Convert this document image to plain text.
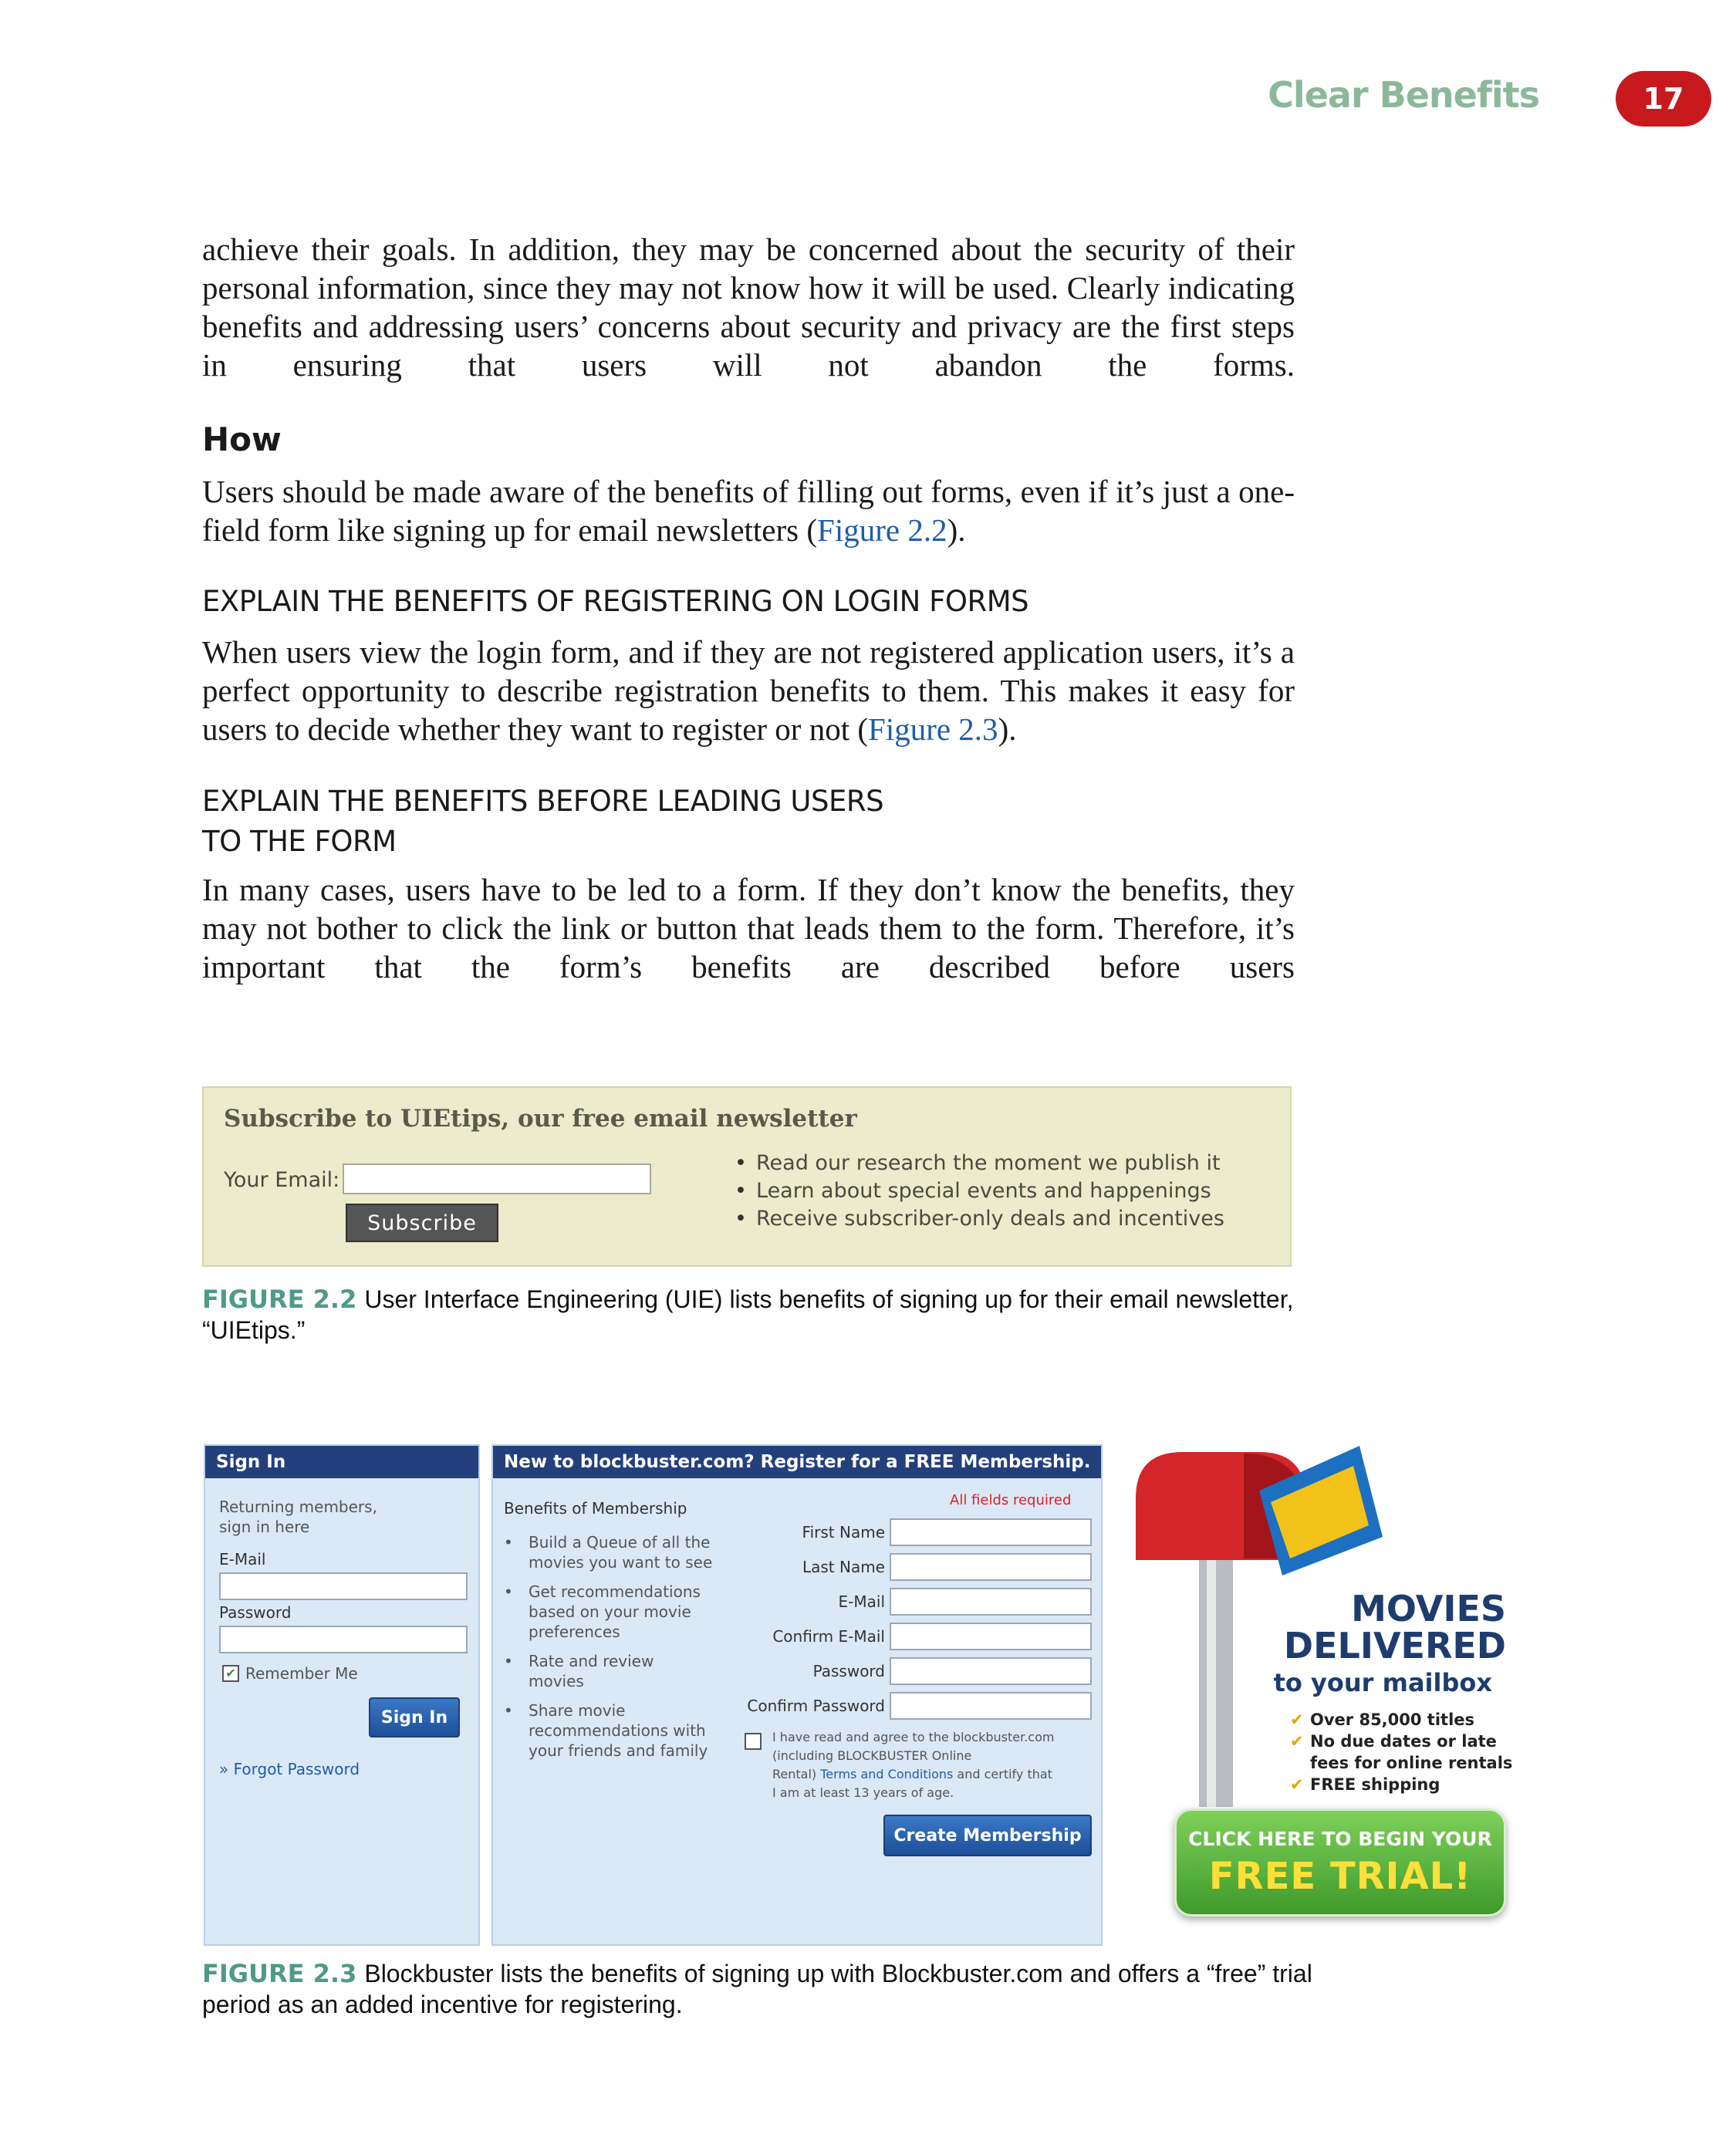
Clear Benefits	17
achieve their goals. In addition, they may be concerned about the security of their personal information, since they may not know how it will be used. Clearly indicating benefits and addressing users’ concerns about security and privacy are the first steps in ensuring that users will not abandon the forms.
How
Users should be made aware of the benefits of filling out forms, even if it’s just a one-field form like signing up for email newsletters (Figure 2.2).
EXPLAIN THE BENEFITS OF REGISTERING ON LOGIN FORMS
When users view the login form, and if they are not registered application users, it’s a perfect opportunity to describe registration benefits to them. This makes it easy for users to decide whether they want to register or not (Figure 2.3).
EXPLAIN THE BENEFITS BEFORE LEADING USERS
TO THE FORM
In many cases, users have to be led to a form. If they don’t know the benefits, they may not bother to click the link or button that leads them to the form. Therefore, it’s important that the form’s benefits are described before users
Subscribe to UIEtips, our free email newsletter
Your Email:
Subscribe
• Read our research the moment we publish it
• Learn about special events and happenings
• Receive subscriber-only deals and incentives
FIGURE 2.2 User Interface Engineering (UIE) lists benefits of signing up for their email newsletter, “UIEtips.”
Sign In
Returning members,
sign in here
E-Mail
Password
✔ Remember Me
Sign In
» Forgot Password
New to blockbuster.com? Register for a FREE Membership.
Benefits of Membership	All fields required
• Build a Queue of all the
movies you want to see
• Get recommendations
based on your movie
preferences
• Rate and review
movies
• Share movie
recommendations with
your friends and family
First Name
Last Name
E-Mail
Confirm E-Mail
Password
Confirm Password
I have read and agree to the blockbuster.com
(including BLOCKBUSTER Online
Rental) Terms and Conditions and certify that
I am at least 13 years of age.
Create Membership
MOVIES
DELIVERED
to your mailbox
✔ Over 85,000 titles
✔ No due dates or late
fees for online rentals
✔ FREE shipping
CLICK HERE TO BEGIN YOUR
FREE TRIAL!
FIGURE 2.3 Blockbuster lists the benefits of signing up with Blockbuster.com and offers a “free” trial period as an added incentive for registering.
